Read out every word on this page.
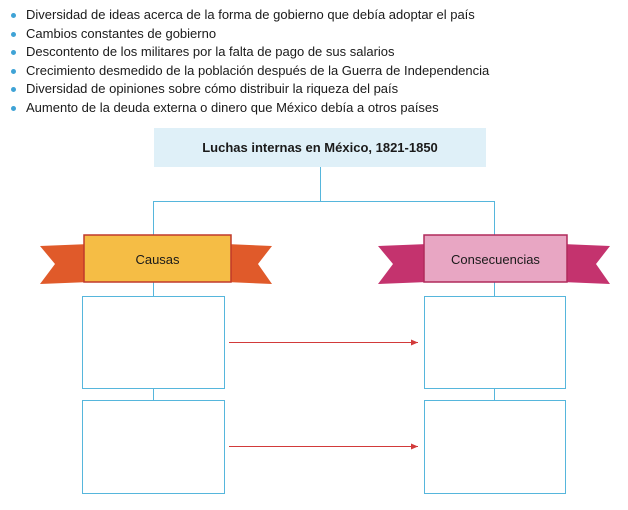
Diversidad de ideas acerca de la forma de gobierno que debía adoptar el país
Cambios constantes de gobierno
Descontento de los militares por la falta de pago de sus salarios
Crecimiento desmedido de la población después de la Guerra de Independencia
Diversidad de opiniones sobre cómo distribuir la riqueza del país
Aumento de la deuda externa o dinero que México debía a otros países
Luchas internas en México, 1821-1850
Causas	Consecuencias
